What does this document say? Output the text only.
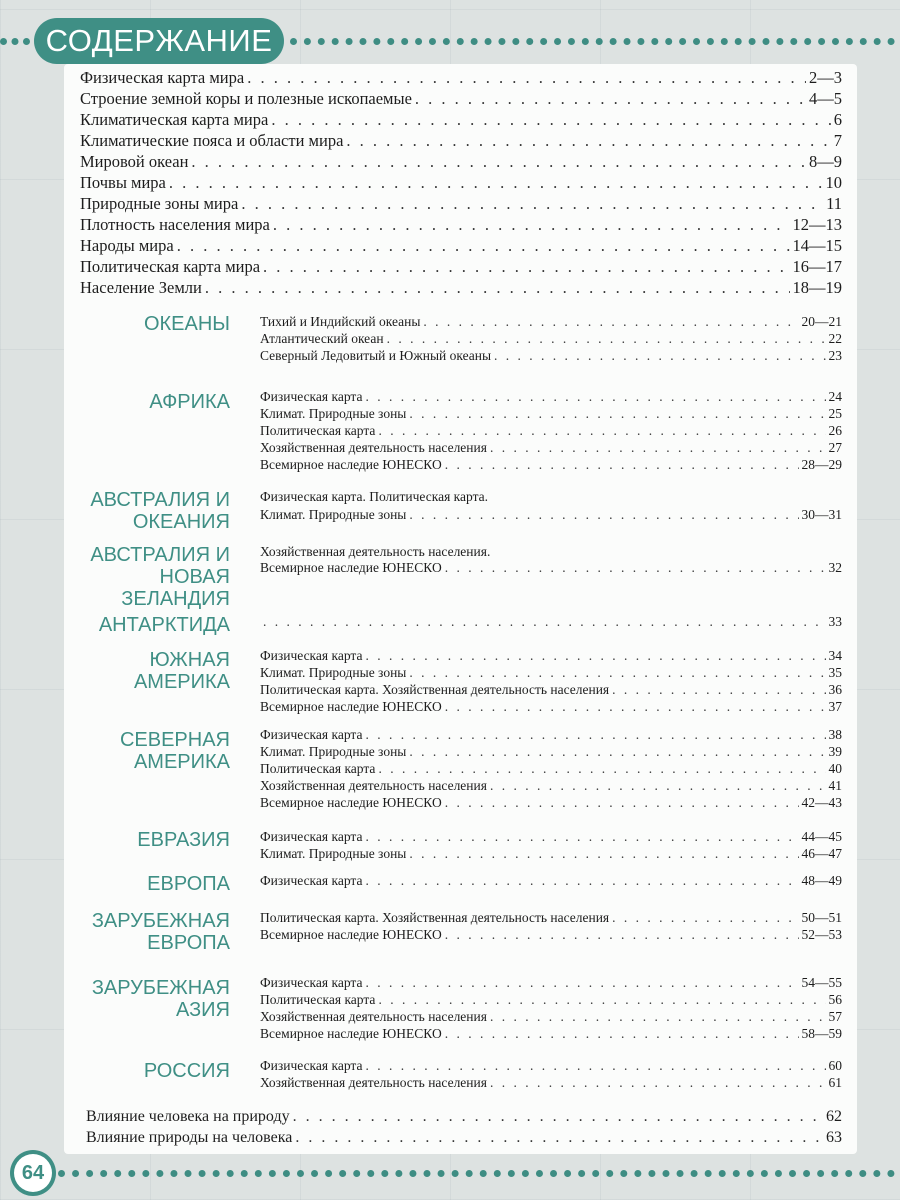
СОДЕРЖАНИЕ
Физическая карта мира . . .	2—3
Строение земной коры и полезные ископаемые . . .	4—5
Климатическая карта мира . . .	6
Климатические пояса и области мира . . .	7
Мировой океан . . .	8—9
Почвы мира . . .	10
Природные зоны мира . . .	11
Плотность населения мира . . .	12—13
Народы мира . . .	14—15
Политическая карта мира . . .	16—17
Население Земли . . .	18—19
ОКЕАНЫ Тихий и Индийский океаны . . .	20—21
Атлантический океан . . .	22
Северный Ледовитый и Южный океаны . . .	23
АФРИКА Физическая карта . . .	24
Климат. Природные зоны . . .	25
Политическая карта . . .	26
Хозяйственная деятельность населения . . .	27
Всемирное наследие ЮНЕСКО . . .	28—29
АВСТРАЛИЯ И
ОКЕАНИЯ
Физическая карта. Политическая карта.
Климат. Природные зоны . . .	30—31
АВСТРАЛИЯ И
НОВАЯ
ЗЕЛАНДИЯ
Хозяйственная деятельность населения.
Всемирное наследие ЮНЕСКО . . .	32
АНТАРКТИДА . . .	33
ЮЖНАЯ
АМЕРИКА
Физическая карта . . .	34
Климат. Природные зоны . . .	35
Политическая карта. Хозяйственная деятельность населения . . .	36
Всемирное наследие ЮНЕСКО . . .	37
СЕВЕРНАЯ
АМЕРИКА
Физическая карта . . .	38
Климат. Природные зоны . . .	39
Политическая карта . . .	40
Хозяйственная деятельность населения . . .	41
Всемирное наследие ЮНЕСКО . . .	42—43
ЕВРАЗИЯ Физическая карта . . .	44—45
Климат. Природные зоны . . .	46—47
ЕВРОПА Физическая карта . . .	48—49
ЗАРУБЕЖНАЯ
ЕВРОПА
Политическая карта. Хозяйственная деятельность населения . . .	50—51
Всемирное наследие ЮНЕСКО . . .	52—53
ЗАРУБЕЖНАЯ
АЗИЯ
Физическая карта . . .	54—55
Политическая карта . . .	56
Хозяйственная деятельность населения . . .	57
Всемирное наследие ЮНЕСКО . . .	58—59
РОССИЯ Физическая карта . . .	60
Хозяйственная деятельность населения . . .	61
Влияние человека на природу . . .	62
Влияние природы на человека . . .	63
64
